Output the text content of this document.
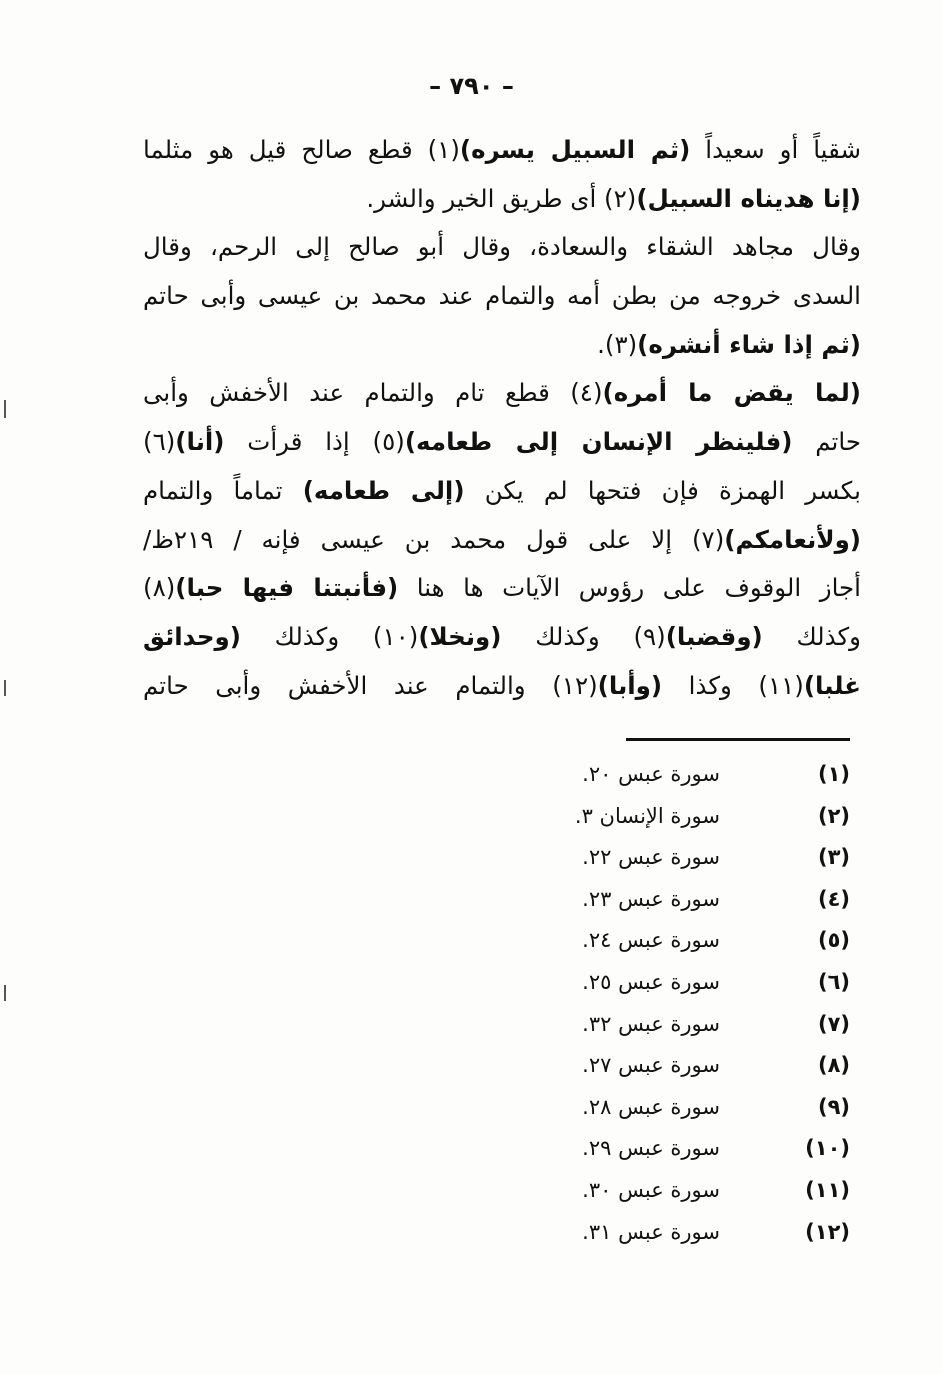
– ٧٩٠ –
شقياً أو سعيداً (ثم السبيل يسره)(١) قطع صالح قيل هو مثلما
(إنا هديناه السبيل)(٢) أى طريق الخير والشر.
وقال مجاهد الشقاء والسعادة، وقال أبو صالح إلى الرحم، وقال
السدى خروجه من بطن أمه والتمام عند محمد بن عيسى وأبى حاتم
(ثم إذا شاء أنشره)(٣).
(لما يقض ما أمره)(٤) قطع تام والتمام عند الأخفش وأبى
حاتم (فلينظر الإنسان إلى طعامه)(٥) إذا قرأت (أنا)(٦)
بكسر الهمزة فإن فتحها لم يكن (إلى طعامه) تماماً والتمام
(ولأنعامكم)(٧) إلا على قول محمد بن عيسى فإنه / ٢١٩ظ/
أجاز الوقوف على رؤوس الآيات ها هنا (فأنبتنا فيها حبا)(٨)
وكذلك (وقضبا)(٩) وكذلك (ونخلا)(١٠) وكذلك (وحدائق
غلبا)(١١) وكذا (وأبا)(١٢) والتمام عند الأخفش وأبى حاتم
(١)سورة عبس ٢٠.
(٢)سورة الإنسان ٣.
(٣)سورة عبس ٢٢.
(٤)سورة عبس ٢٣.
(٥)سورة عبس ٢٤.
(٦)سورة عبس ٢٥.
(٧)سورة عبس ٣٢.
(٨)سورة عبس ٢٧.
(٩)سورة عبس ٢٨.
(١٠)سورة عبس ٢٩.
(١١)سورة عبس ٣٠.
(١٢)سورة عبس ٣١.
